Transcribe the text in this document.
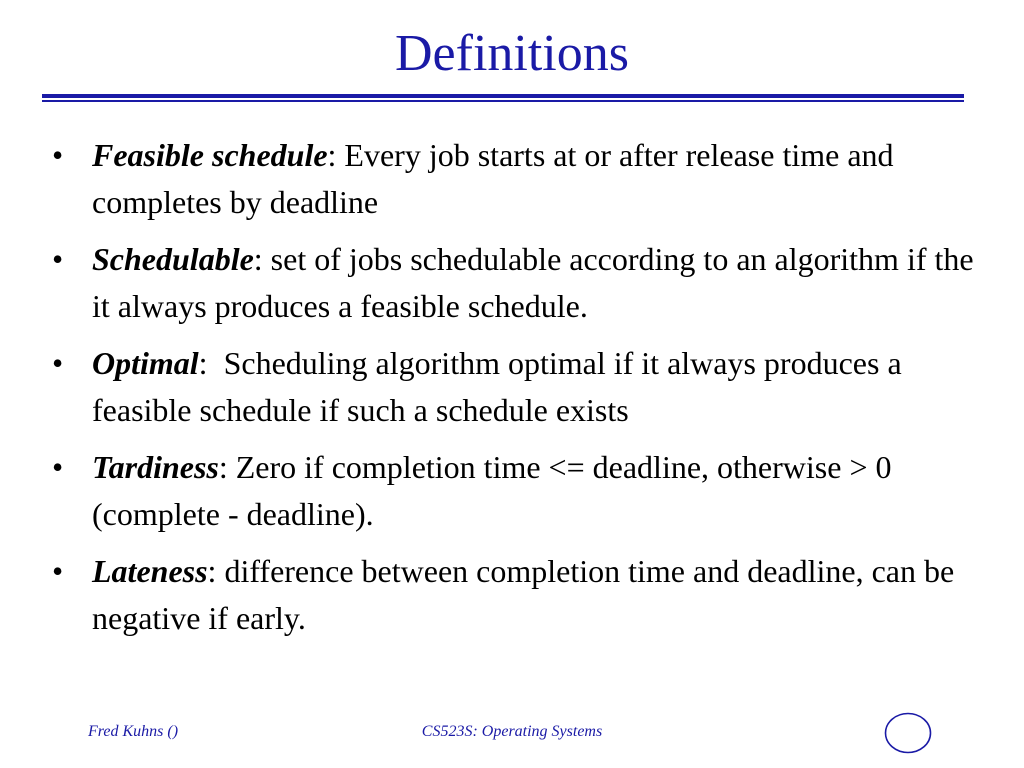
Definitions
• Feasible schedule: Every job starts at or after release time and completes by deadline
• Schedulable: set of jobs schedulable according to an algorithm if the it always produces a feasible schedule.
• Optimal:  Scheduling algorithm optimal if it always produces a feasible schedule if such a schedule exists
• Tardiness: Zero if completion time <= deadline, otherwise > 0 (complete - deadline).
• Lateness: difference between completion time and deadline, can be negative if early.
Fred Kuhns ()	CS523S: Operating Systems
